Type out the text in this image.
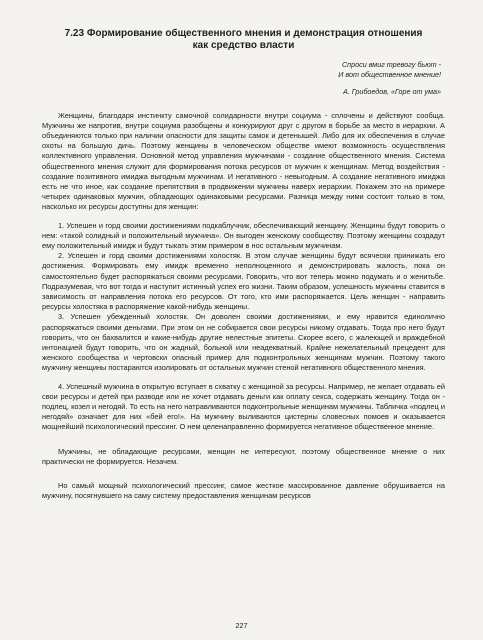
7.23 Формирование общественного мнения и демонстрация отношения
как средство власти
Спроси вмиг тревогу бьют -
И вот общественное мнение!
А. Грибоедов, «Горе от ума»

Женщины, благодаря инстинкту самочной солидарности внутри социума - сплочены и действуют сообща. Мужчины же напротив, внутри социума разобщены и конкурируют друг с другом в борьбе за место в иерархии. А объединяются только при наличии опасности для защиты самок и детенышей. Либо для их обеспечения в случае охоты на большую дичь. Поэтому женщины в человеческом обществе имеют возможность осуществления коллективного управления. Основной метод управления мужчинами - создание общественного мнения. Система общественного мнения служит для формирования потока ресурсов от мужчин к женщинам. Метод воздействия - создание позитивного имиджа выгодным мужчинам. И негативного - невыгодным. А создание негативного имиджа есть не что иное, как создание препятствия в продвижении мужчины наверх иерархии. Покажем это на примере четырех одинаковых мужчин, обладающих одинаковыми ресурсами. Разница между ними состоит только в том, насколько их ресурсы доступны для женщин:

1. Успешен и горд своими достижениями подкаблучник, обеспечивающий женщину. Женщины будут говорить о нем: «такой солидный и положительный мужчина». Он выгоден женскому сообществу. Поэтому женщины создадут ему положительный имидж и будут тыкать этим примером в нос остальным мужчинам.

2. Успешен и горд своими достижениями холостяк. В этом случае женщины будут всячески принижать его достижения. Формировать ему имидж временно неполноценного и демонстрировать жалость, пока он самостоятельно будет распоряжаться своими ресурсами. Говорить, что вот теперь можно подумать и о женитьбе. Подразумевая, что вот тогда и наступит истинный успех его жизни. Таким образом, успешность мужчины ставится в зависимость от направления потока его ресурсов. От того, кто ими распоряжается. Цель женщин - направить ресурсы холостяка в распоряжение какой-нибудь женщины.

3. Успешен убежденный холостяк. Он доволен своими достижениями, и ему нравится единолично распоряжаться своими деньгами. При этом он не собирается свои ресурсы никому отдавать. Тогда про него будут говорить, что он бахвалится и какие-нибудь другие нелестные эпитеты. Скорее всего, с жалеющей и враждебной интонацией будут говорить, что он жадный, больной или неадекватный. Крайне нежелательный прецедент для женского сообщества и чертовски опасный пример для подконтрольных женщинам мужчин. Поэтому такого мужчину женщины постараются изолировать от остальных мужчин стеной негативного общественного мнения.

4. Успешный мужчина в открытую вступает в схватку с женщиной за ресурсы. Например, не желает отдавать ей свои ресурсы и детей при разводе или не хочет отдавать деньги как оплату секса, содержать женщину. Тогда он - подлец, козел и негодяй. То есть на него натравливаются подконтрольные женщинам мужчины. Табличка «подлец и негодяй» означает для них «бей его!». На мужчину выливаются цистерны словесных помоев и оказывается мощнейший психологический прессинг. О нем целенаправленно формируется негативное общественное мнение.

Мужчины, не обладающие ресурсами, женщин не интересуют, поэтому общественное мнение о них практически не формируется. Незачем.

Но самый мощный психологический прессинг, самое жесткое массированное давление обрушивается на мужчину, посягнувшего на саму систему предоставления женщинам ресурсов

227
